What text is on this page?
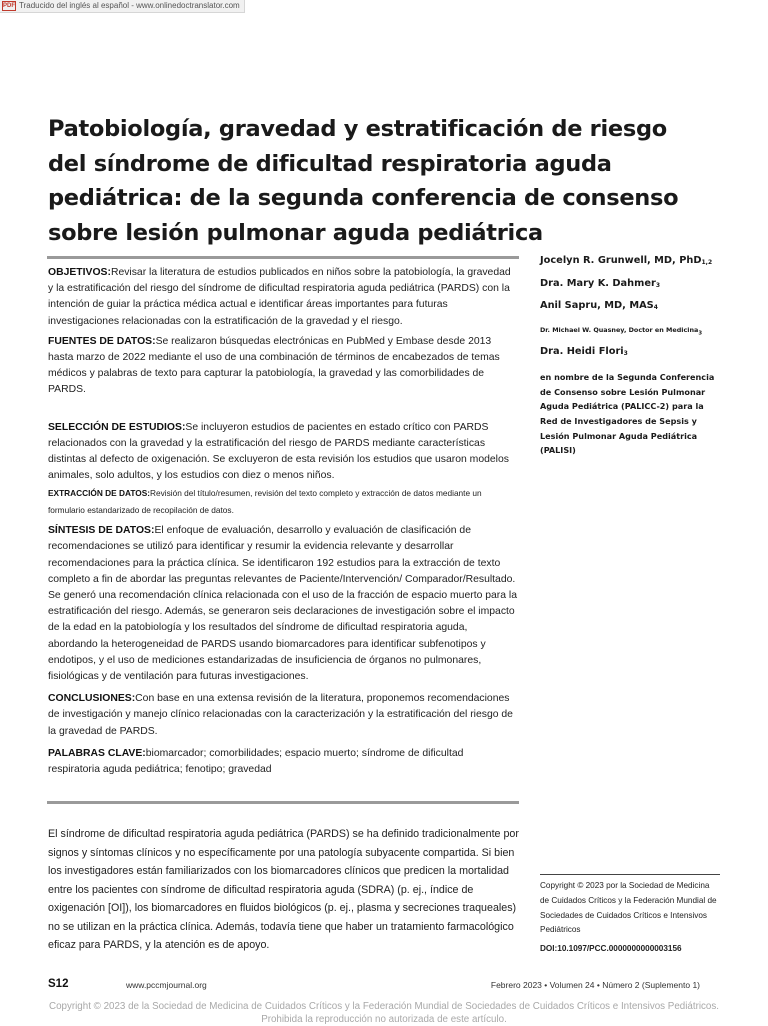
PDF Traducido del inglés al español - www.onlinedoctranslator.com
Patobiología, gravedad y estratificación de riesgo del síndrome de dificultad respiratoria aguda pediátrica: de la segunda conferencia de consenso sobre lesión pulmonar aguda pediátrica

OBJETIVOS:Revisar la literatura de estudios publicados en niños sobre la patobiología, la gravedad y la estratificación del riesgo del síndrome de dificultad respiratoria aguda pediátrica (PARDS) con la intención de guiar la práctica médica actual e identificar áreas importantes para futuras investigaciones relacionadas con la estratificación de la gravedad y el riesgo.

FUENTES DE DATOS:Se realizaron búsquedas electrónicas en PubMed y Embase desde 2013 hasta marzo de 2022 mediante el uso de una combinación de términos de encabezados de temas médicos y palabras de texto para capturar la patobiología, la gravedad y las comorbilidades de PARDS.

SELECCIÓN DE ESTUDIOS:Se incluyeron estudios de pacientes en estado crítico con PARDS relacionados con la gravedad y la estratificación del riesgo de PARDS mediante características distintas al defecto de oxigenación. Se excluyeron de esta revisión los estudios que usaron modelos animales, solo adultos, y los estudios con diez o menos niños.

EXTRACCIÓN DE DATOS:Revisión del título/resumen, revisión del texto completo y extracción de datos mediante un formulario estandarizado de recopilación de datos.

SÍNTESIS DE DATOS:El enfoque de evaluación, desarrollo y evaluación de clasificación de recomendaciones se utilizó para identificar y resumir la evidencia relevante y desarrollar recomendaciones para la práctica clínica. Se identificaron 192 estudios para la extracción de texto completo a fin de abordar las preguntas relevantes de Paciente/Intervención/ Comparador/Resultado. Se generó una recomendación clínica relacionada con el uso de la fracción de espacio muerto para la estratificación del riesgo. Además, se generaron seis declaraciones de investigación sobre el impacto de la edad en la patobiología y los resultados del síndrome de dificultad respiratoria aguda, abordando la heterogeneidad de PARDS usando biomarcadores para identificar subfenotipos y endotipos, y el uso de mediciones estandarizadas de insuficiencia de órganos no pulmonares, fisiológicas y de ventilación para futuras investigaciones.

CONCLUSIONES:Con base en una extensa revisión de la literatura, proponemos recomendaciones de investigación y manejo clínico relacionadas con la caracterización y la estratificación del riesgo de la gravedad de PARDS.

PALABRAS CLAVE:biomarcador; comorbilidades; espacio muerto; síndrome de dificultad respiratoria aguda pediátrica; fenotipo; gravedad

Jocelyn R. Grunwell, MD, PhD$_{1,2}$
Dra. Mary K. Dahmer$_3$
Anil Sapru, MD, $MAS_4$
Dr. Michael W. Quasney, Doctor en Medicina$_3$
Dra. Heidi Flori$_3$
en nombre de la Segunda Conferencia de Consenso sobre Lesión Pulmonar Aguda Pediátrica (PALICC-2) para la Red de Investigadores de Sepsis y Lesión Pulmonar Aguda Pediátrica (PALISI)

El síndrome de dificultad respiratoria aguda pediátrica (PARDS) se ha definido tradicionalmente por signos y síntomas clínicos y no específicamente por una patología subyacente compartida. Si bien los investigadores están familiarizados con los biomarcadores clínicos que predicen la mortalidad entre los pacientes con síndrome de dificultad respiratoria aguda (SDRA) (p. ej., índice de oxigenación [OI]), los biomarcadores en fluidos biológicos (p. ej., plasma y secreciones traqueales) no se utilizan en la práctica clínica. Además, todavía tiene que haber un tratamiento farmacológico eficaz para PARDS, y la atención es de apoyo.

Copyright © 2023 por la Sociedad de Medicina de Cuidados Críticos y la Federación Mundial de Sociedades de Cuidados Críticos e Intensivos Pediátricos
DOI:10.1097/PCC.0000000000003156
S12	www.pccmjournal.org	Febrero 2023 • Volumen 24 • Número 2 (Suplemento 1)
Copyright © 2023 de la Sociedad de Medicina de Cuidados Críticos y la Federación Mundial de Sociedades de Cuidados Críticos e Intensivos Pediátricos.
Prohibida la reproducción no autorizada de este artículo.
